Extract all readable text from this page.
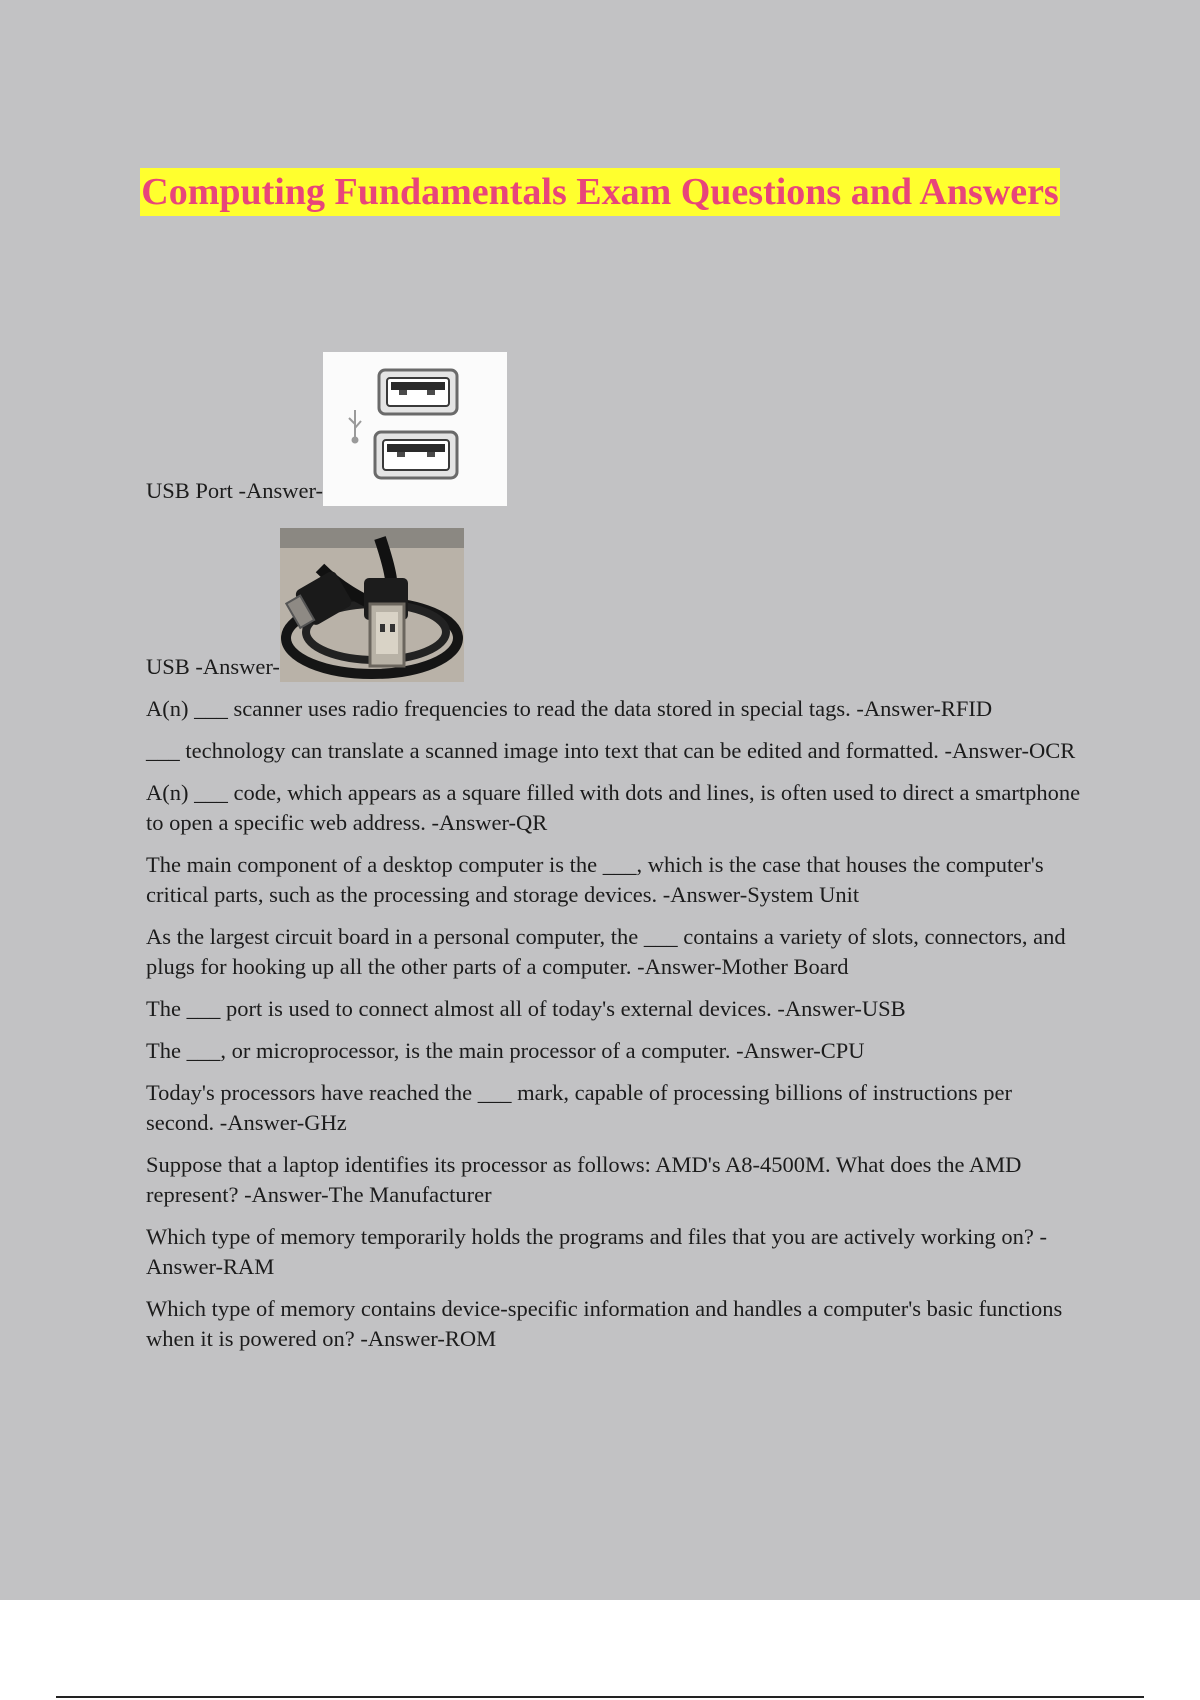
Computing Fundamentals Exam Questions and Answers

USB Port -Answer-

USB -Answer-

A(n) ___ scanner uses radio frequencies to read the data stored in special tags. -Answer-RFID

___ technology can translate a scanned image into text that can be edited and formatted. -Answer-OCR

A(n) ___ code, which appears as a square filled with dots and lines, is often used to direct a smartphone to open a specific web address. -Answer-QR

The main component of a desktop computer is the ___, which is the case that houses the computer's critical parts, such as the processing and storage devices. -Answer-System Unit

As the largest circuit board in a personal computer, the ___ contains a variety of slots, connectors, and plugs for hooking up all the other parts of a computer. -Answer-Mother Board

The ___ port is used to connect almost all of today's external devices. -Answer-USB

The ___, or microprocessor, is the main processor of a computer. -Answer-CPU

Today's processors have reached the ___ mark, capable of processing billions of instructions per second. -Answer-GHz

Suppose that a laptop identifies its processor as follows: AMD's A8-4500M. What does the AMD represent? -Answer-The Manufacturer

Which type of memory temporarily holds the programs and files that you are actively working on? -Answer-RAM

Which type of memory contains device-specific information and handles a computer's basic functions when it is powered on? -Answer-ROM
